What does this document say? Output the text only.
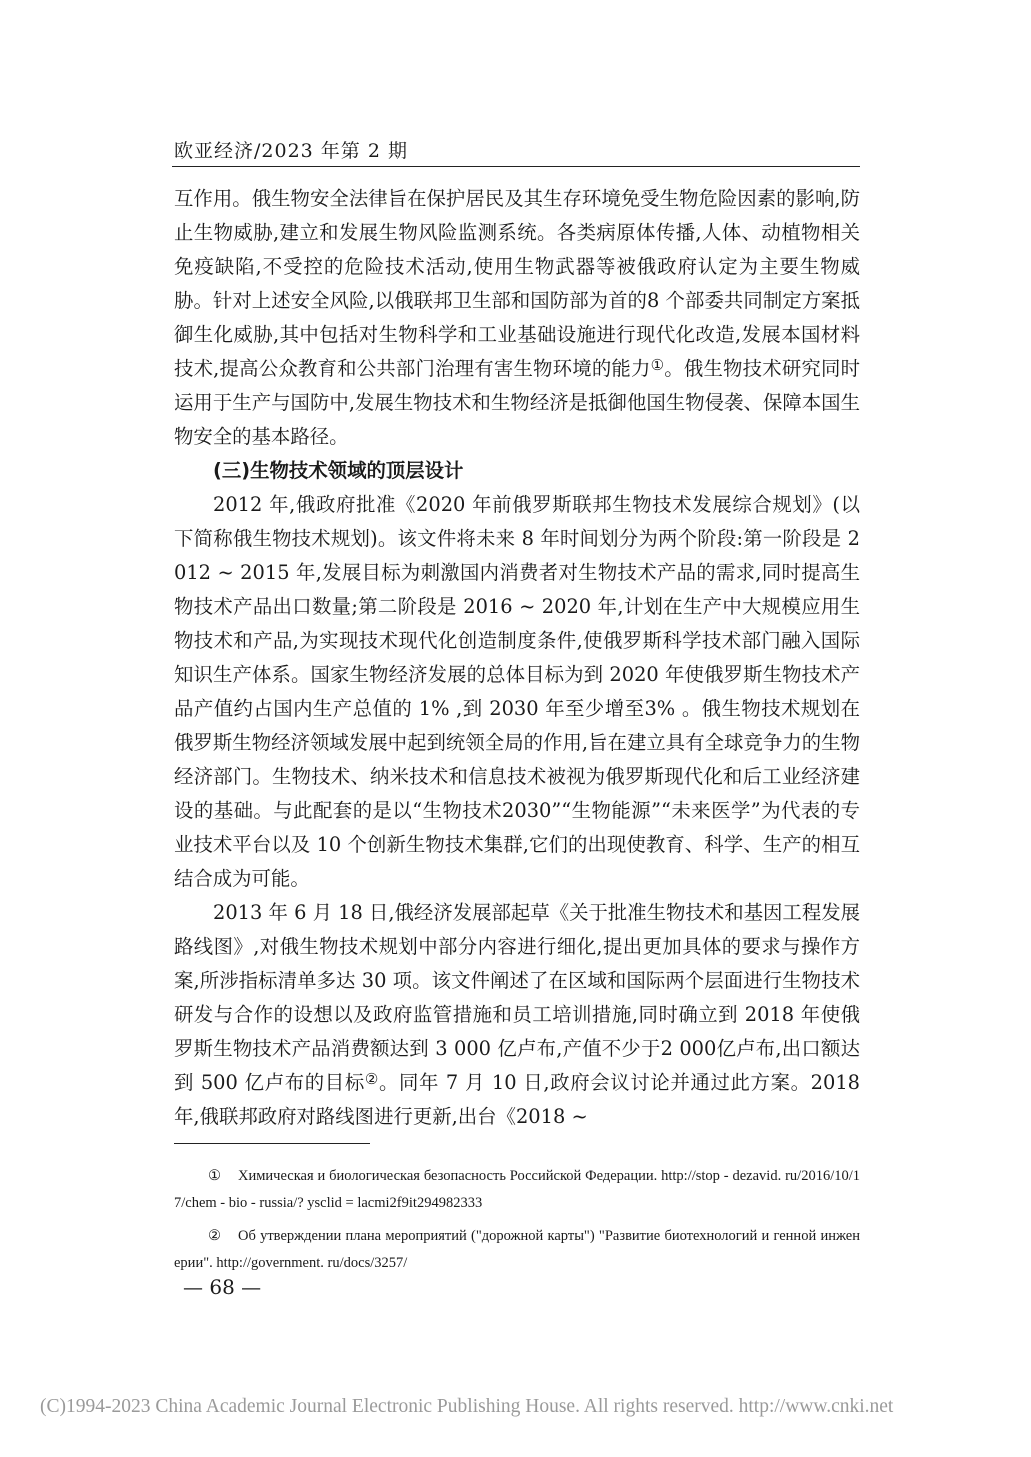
欧亚经济/2023 年第 2 期

互作用。俄生物安全法律旨在保护居民及其生存环境免受生物危险因素的影响,防止生物威胁,建立和发展生物风险监测系统。各类病原体传播,人体、动植物相关免疫缺陷,不受控的危险技术活动,使用生物武器等被俄政府认定为主要生物威胁。针对上述安全风险,以俄联邦卫生部和国防部为首的8 个部委共同制定方案抵御生化威胁,其中包括对生物科学和工业基础设施进行现代化改造,发展本国材料技术,提高公众教育和公共部门治理有害生物环境的能力①。俄生物技术研究同时运用于生产与国防中,发展生物技术和生物经济是抵御他国生物侵袭、保障本国生物安全的基本路径。

(三)生物技术领域的顶层设计

2012 年,俄政府批准《2020 年前俄罗斯联邦生物技术发展综合规划》(以下简称俄生物技术规划)。该文件将未来 8 年时间划分为两个阶段:第一阶段是 2012 ~ 2015 年,发展目标为刺激国内消费者对生物技术产品的需求,同时提高生物技术产品出口数量;第二阶段是 2016 ~ 2020 年,计划在生产中大规模应用生物技术和产品,为实现技术现代化创造制度条件,使俄罗斯科学技术部门融入国际知识生产体系。国家生物经济发展的总体目标为到 2020 年使俄罗斯生物技术产品产值约占国内生产总值的 1% ,到 2030 年至少增至3% 。俄生物技术规划在俄罗斯生物经济领域发展中起到统领全局的作用,旨在建立具有全球竞争力的生物经济部门。生物技术、纳米技术和信息技术被视为俄罗斯现代化和后工业经济建设的基础。与此配套的是以“生物技术2030”“生物能源”“未来医学”为代表的专业技术平台以及 10 个创新生物技术集群,它们的出现使教育、科学、生产的相互结合成为可能。

2013 年 6 月 18 日,俄经济发展部起草《关于批准生物技术和基因工程发展路线图》,对俄生物技术规划中部分内容进行细化,提出更加具体的要求与操作方案,所涉指标清单多达 30 项。该文件阐述了在区域和国际两个层面进行生物技术研发与合作的设想以及政府监管措施和员工培训措施,同时确立到 2018 年使俄罗斯生物技术产品消费额达到 3 000 亿卢布,产值不少于2 000亿卢布,出口额达到 500 亿卢布的目标②。同年 7 月 10 日,政府会议讨论并通过此方案。2018 年,俄联邦政府对路线图进行更新,出台《2018 ~

① Химическая и биологическая безопасность Российской Федерации. http://stop - dezavid. ru/2016/10/17/chem - bio - russia/? ysclid = lacmi2f9it294982333

② Об утверждении плана мероприятий ("дорожной карты") "Развитие биотехнологий и генной инженерии". http://government. ru/docs/3257/

— 68 —
(C)1994-2023 China Academic Journal Electronic Publishing House. All rights reserved. http://www.cnki.net
